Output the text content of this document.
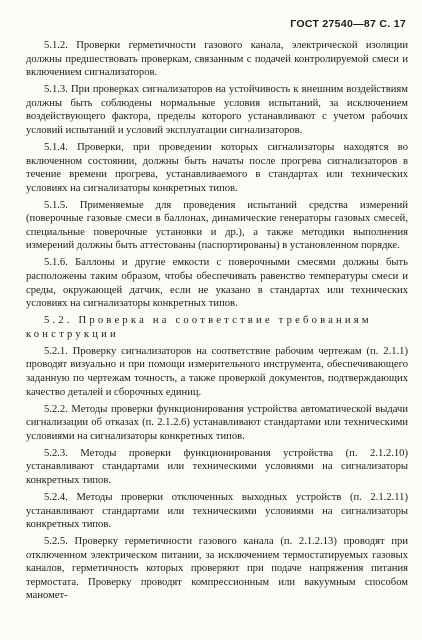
ГОСТ 27540—87 С. 17

5.1.2. Проверки герметичности газового канала, электрической изоляции должны предшествовать проверкам, связанным с подачей контролируемой смеси и включением сигнализаторов.

5.1.3. При проверках сигнализаторов на устойчивость к внешним воздействиям должны быть соблюдены нормальные условия испытаний, за исключением воздействующего фактора, пределы которого устанавливают с учетом рабочих условий испытаний и условий эксплуатации сигнализаторов.

5.1.4. Проверки, при проведении которых сигнализаторы находятся во включенном состоянии, должны быть начаты после прогрева сигнализаторов в течение времени прогрева, устанавливаемого в стандартах или технических условиях на сигнализаторы конкретных типов.

5.1.5. Применяемые для проведения испытаний средства измерений (поверочные газовые смеси в баллонах, динамические генераторы газовых смесей, специальные поверочные установки и др.), а также методики выполнения измерений должны быть аттестованы (паспортированы) в установленном порядке.

5.1.6. Баллоны и другие емкости с поверочными смесями должны быть расположены таким образом, чтобы обеспечивать равенство температуры смеси и среды, окружающей датчик, если не указано в стандартах или технических условиях на сигнализаторы конкретных типов.

5.2. Проверка на соответствие требованиям конструкции

5.2.1. Проверку сигнализаторов на соответствие рабочим чертежам (п. 2.1.1) проводят визуально и при помощи измерительного инструмента, обеспечивающего заданную по чертежам точность, а также проверкой документов, подтверждающих качество деталей и сборочных единиц.

5.2.2. Методы проверки функционирования устройства автоматической выдачи сигнализации об отказах (п. 2.1.2.6) устанавливают стандартами или техническими условиями на сигнализаторы конкретных типов.

5.2.3. Методы проверки функционирования устройства (п. 2.1.2.10) устанавливают стандартами или техническими условиями на сигнализаторы конкретных типов.

5.2.4. Методы проверки отключенных выходных устройств (п. 2.1.2.11) устанавливают стандартами или техническими условиями на сигнализаторы конкретных типов.

5.2.5. Проверку герметичности газового канала (п. 2.1.2.13) проводят при отключенном электрическом питании, за исключением термостатируемых газовых каналов, герметичность которых проверяют при подаче напряжения питания термостата. Проверку проводят компрессионным или вакуумным способом маномет-
